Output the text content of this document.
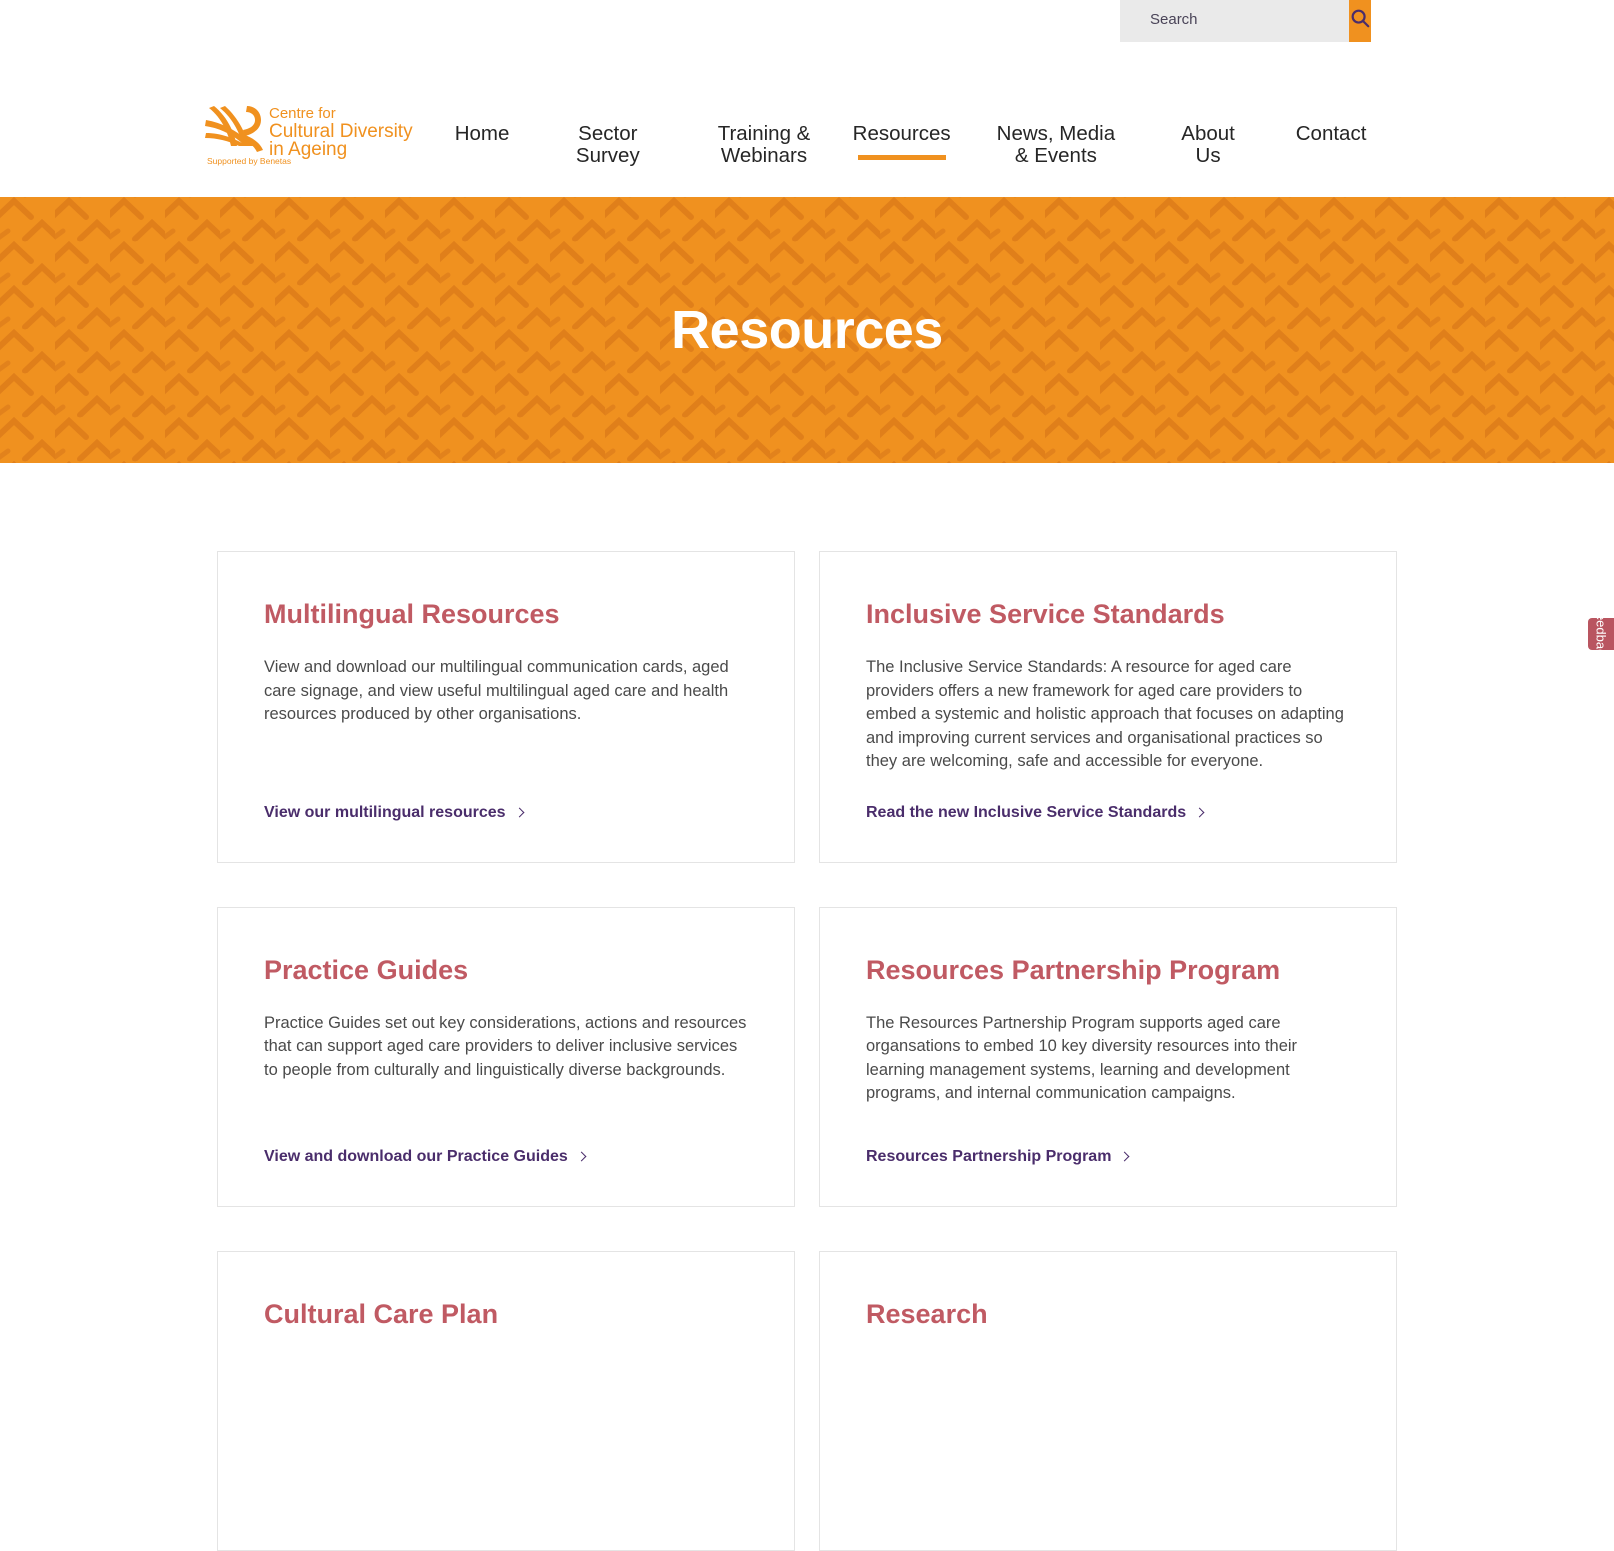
Search
Centre for
Cultural Diversity
in Ageing
Supported by Benetas
Home	Sector Survey
Training & Webinars
Resources News, Media & Events
About Us
Contact
Resources
Multilingual Resources

View and download our multilingual communication cards, aged care signage, and view useful multilingual aged care and health resources produced by other organisations.

View our multilingual resources
Inclusive Service Standards

The Inclusive Service Standards: A resource for aged care providers offers a new framework for aged care providers to embed a systemic and holistic approach that focuses on adapting and improving current services and organisational practices so they are welcoming, safe and accessible for everyone.

Read the new Inclusive Service Standards
Practice Guides

Practice Guides set out key considerations, actions and resources that can support aged care providers to deliver inclusive services to people from culturally and linguistically diverse backgrounds.

View and download our Practice Guides
Resources Partnership Program

The Resources Partnership Program supports aged care organsations to embed 10 key diversity resources into their learning management systems, learning and development programs, and internal communication campaigns.

Resources Partnership Program
Cultural Care Plan	Research
Feedback
